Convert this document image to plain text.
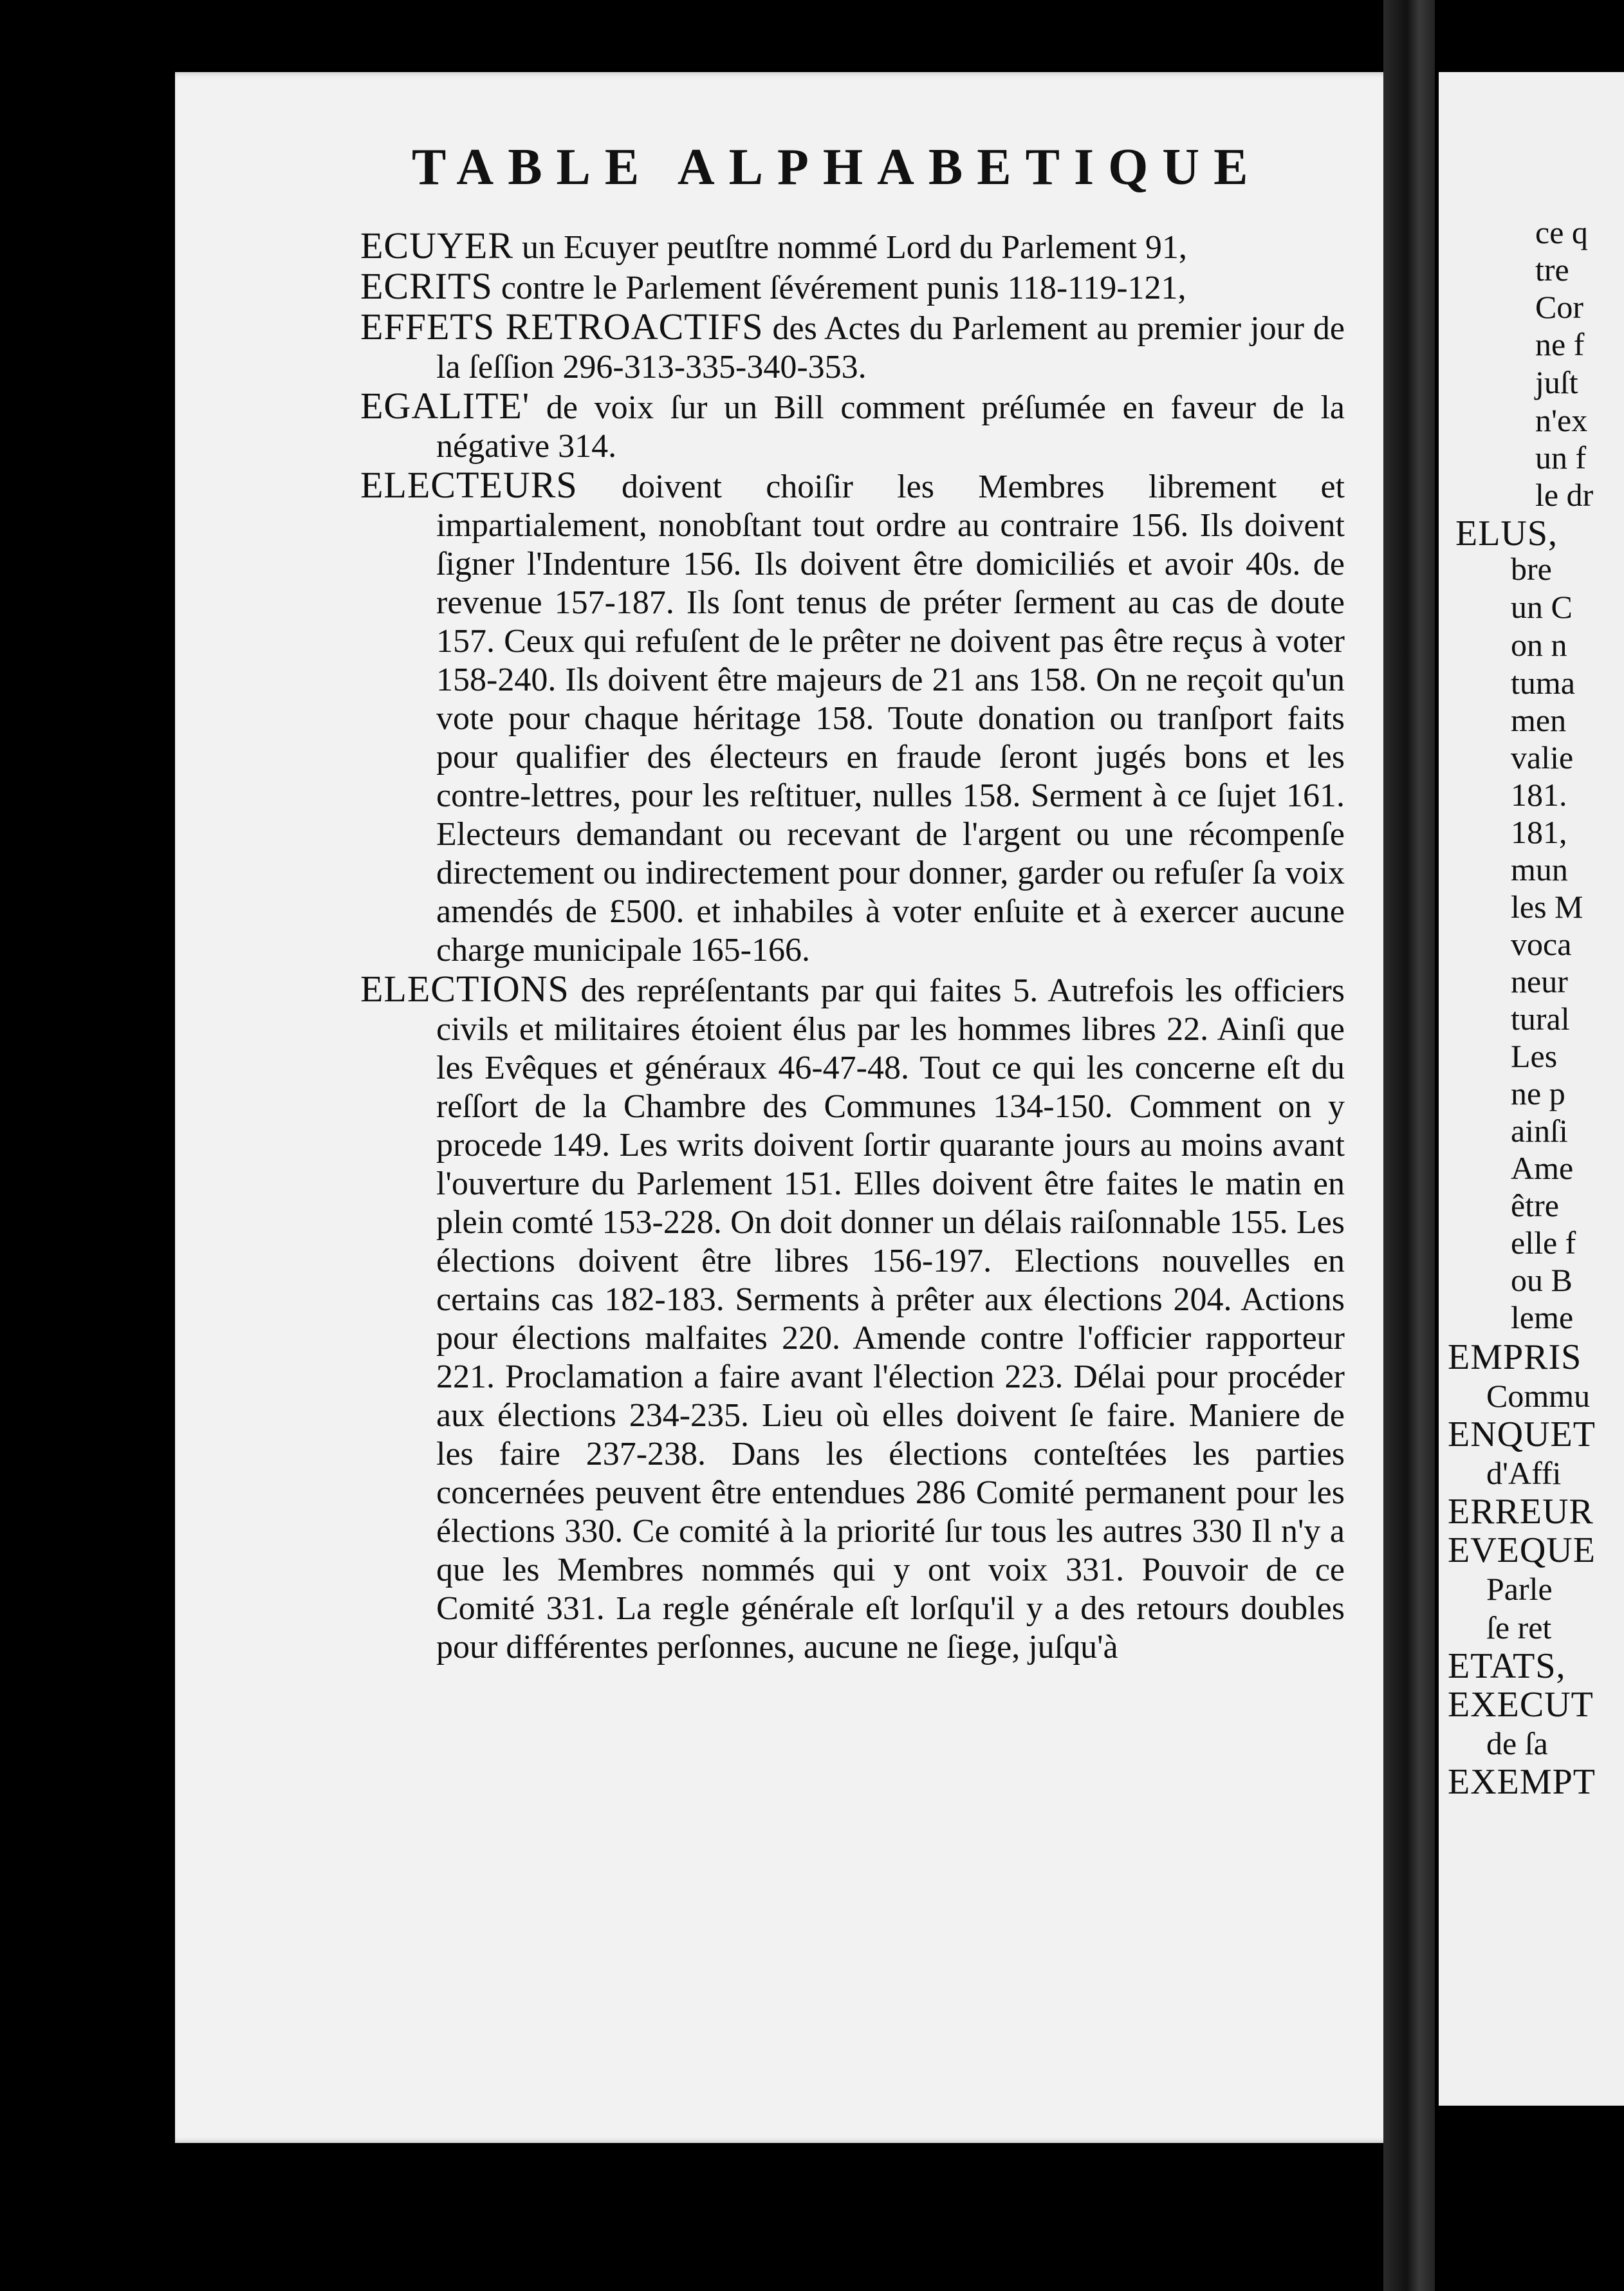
ce q
tre
Cor
ne f
juſt
n'ex
un f
le dr
ELUS,
bre
un C
on n
tuma
men
valie
181.
181,
mun
les M
voca
neur
tural
Les
ne p
ainſi
Ame
être
elle f
ou B
leme
EMPRIS
Commu
ENQUET
d'Affi
ERREUR
EVEQUE
Parle
ſe ret
ETATS,
EXECUT
de ſa
EXEMPT
TABLE ALPHABETIQUE

ECUYER un Ecuyer peutſtre nommé Lord du Parlement 91,

ECRITS contre le Parlement ſévérement punis 118-119-121,

EFFETS RETROACTIFS des Actes du Parlement au premier jour de la ſeſſion 296-313-335-340-353.

EGALITE' de voix ſur un Bill comment préſumée en faveur de la négative 314.

ELECTEURS doivent choiſir les Membres librement et impartialement, nonobſtant tout ordre au contraire 156. Ils doivent ſigner l'Indenture 156. Ils doivent être domiciliés et avoir 40s. de revenue 157-187. Ils ſont tenus de préter ſerment au cas de doute 157. Ceux qui refuſent de le prêter ne doivent pas être reçus à voter 158-240. Ils doivent être majeurs de 21 ans 158. On ne reçoit qu'un vote pour chaque héritage 158. Toute donation ou tranſport faits pour qualifier des électeurs en fraude ſeront jugés bons et les contre-lettres, pour les reſtituer, nulles 158. Serment à ce ſujet 161. Electeurs demandant ou recevant de l'argent ou une récompenſe directement ou indirectement pour donner, garder ou refuſer ſa voix amendés de £500. et inhabiles à voter enſuite et à exercer aucune charge municipale 165-166.

ELECTIONS des repréſentants par qui faites 5. Autrefois les officiers civils et militaires étoient élus par les hommes libres 22. Ainſi que les Evêques et généraux 46-47-48. Tout ce qui les concerne eſt du reſſort de la Chambre des Communes 134-150. Comment on y procede 149. Les writs doivent ſortir quarante jours au moins avant l'ouverture du Parlement 151. Elles doivent être faites le matin en plein comté 153-228. On doit donner un délais raiſonnable 155. Les élections doivent être libres 156-197. Elections nouvelles en certains cas 182-183. Serments à prêter aux élections 204. Actions pour élections malfaites 220. Amende contre l'officier rapporteur 221. Proclamation a faire avant l'élection 223. Délai pour procéder aux élections 234-235. Lieu où elles doivent ſe faire. Maniere de les faire 237-238. Dans les élections conteſtées les parties concernées peuvent être entendues 286 Comité permanent pour les élections 330. Ce comité à la priorité ſur tous les autres 330 Il n'y a que les Membres nommés qui y ont voix 331. Pouvoir de ce Comité 331. La regle générale eſt lorſqu'il y a des retours doubles pour différentes perſonnes, aucune ne ſiege, juſqu'à
